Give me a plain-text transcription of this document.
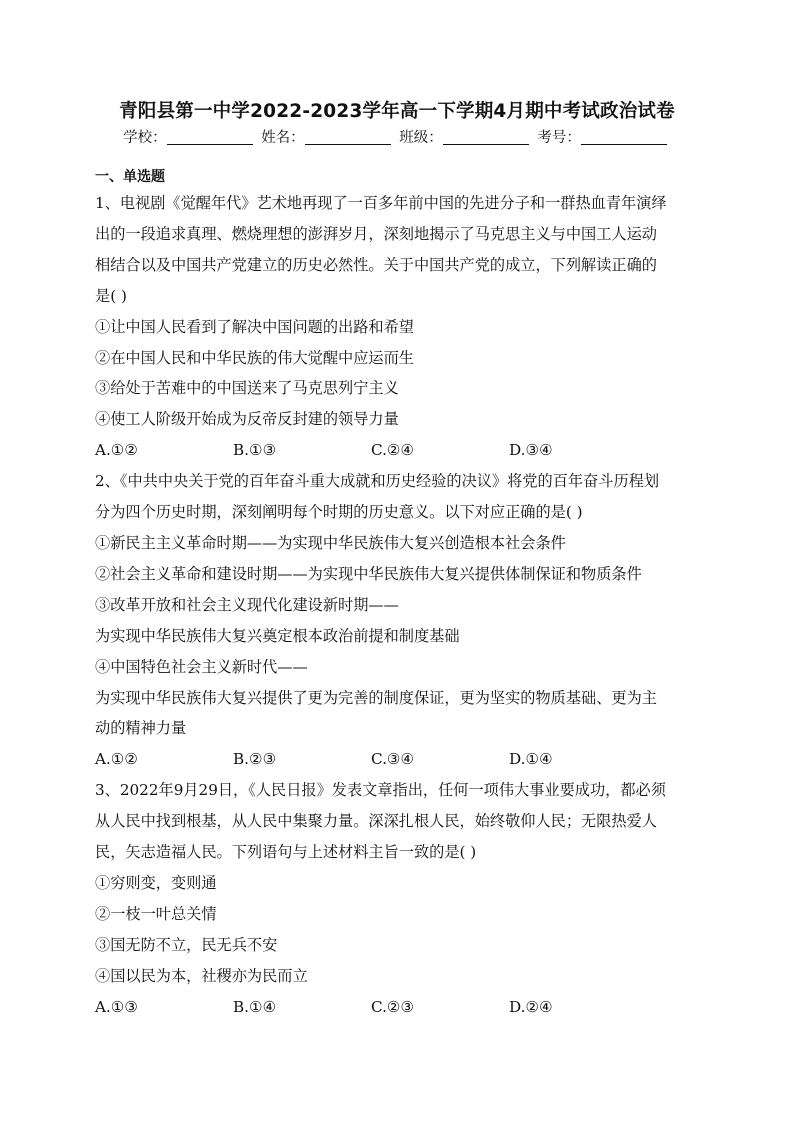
青阳县第一中学2022-2023学年高一下学期4月期中考试政治试卷
学校：	姓名：	班级：	考号：
一、单选题
1、电视剧《觉醒年代》艺术地再现了一百多年前中国的先进分子和一群热血青年演绎
出的一段追求真理、燃烧理想的澎湃岁月，深刻地揭示了马克思主义与中国工人运动
相结合以及中国共产党建立的历史必然性。关于中国共产党的成立，下列解读正确的
是( )
①让中国人民看到了解决中国问题的出路和希望
②在中国人民和中华民族的伟大觉醒中应运而生
③给处于苦难中的中国送来了马克思列宁主义
④使工人阶级开始成为反帝反封建的领导力量
A.①②	B.①③	C.②④	D.③④
2、《中共中央关于党的百年奋斗重大成就和历史经验的决议》将党的百年奋斗历程划
分为四个历史时期，深刻阐明每个时期的历史意义。以下对应正确的是( )
①新民主主义革命时期——为实现中华民族伟大复兴创造根本社会条件
②社会主义革命和建设时期——为实现中华民族伟大复兴提供体制保证和物质条件
③改革开放和社会主义现代化建设新时期——
为实现中华民族伟大复兴奠定根本政治前提和制度基础
④中国特色社会主义新时代——
为实现中华民族伟大复兴提供了更为完善的制度保证，更为坚实的物质基础、更为主
动的精神力量
A.①②	B.②③	C.③④	D.①④
3、2022年9月29日，《人民日报》发表文章指出，任何一项伟大事业要成功，都必须
从人民中找到根基，从人民中集聚力量。深深扎根人民，始终敬仰人民；无限热爱人
民，矢志造福人民。下列语句与上述材料主旨一致的是( )
①穷则变，变则通
②一枝一叶总关情
③国无防不立，民无兵不安
④国以民为本，社稷亦为民而立
A.①③	B.①④	C.②③	D.②④
